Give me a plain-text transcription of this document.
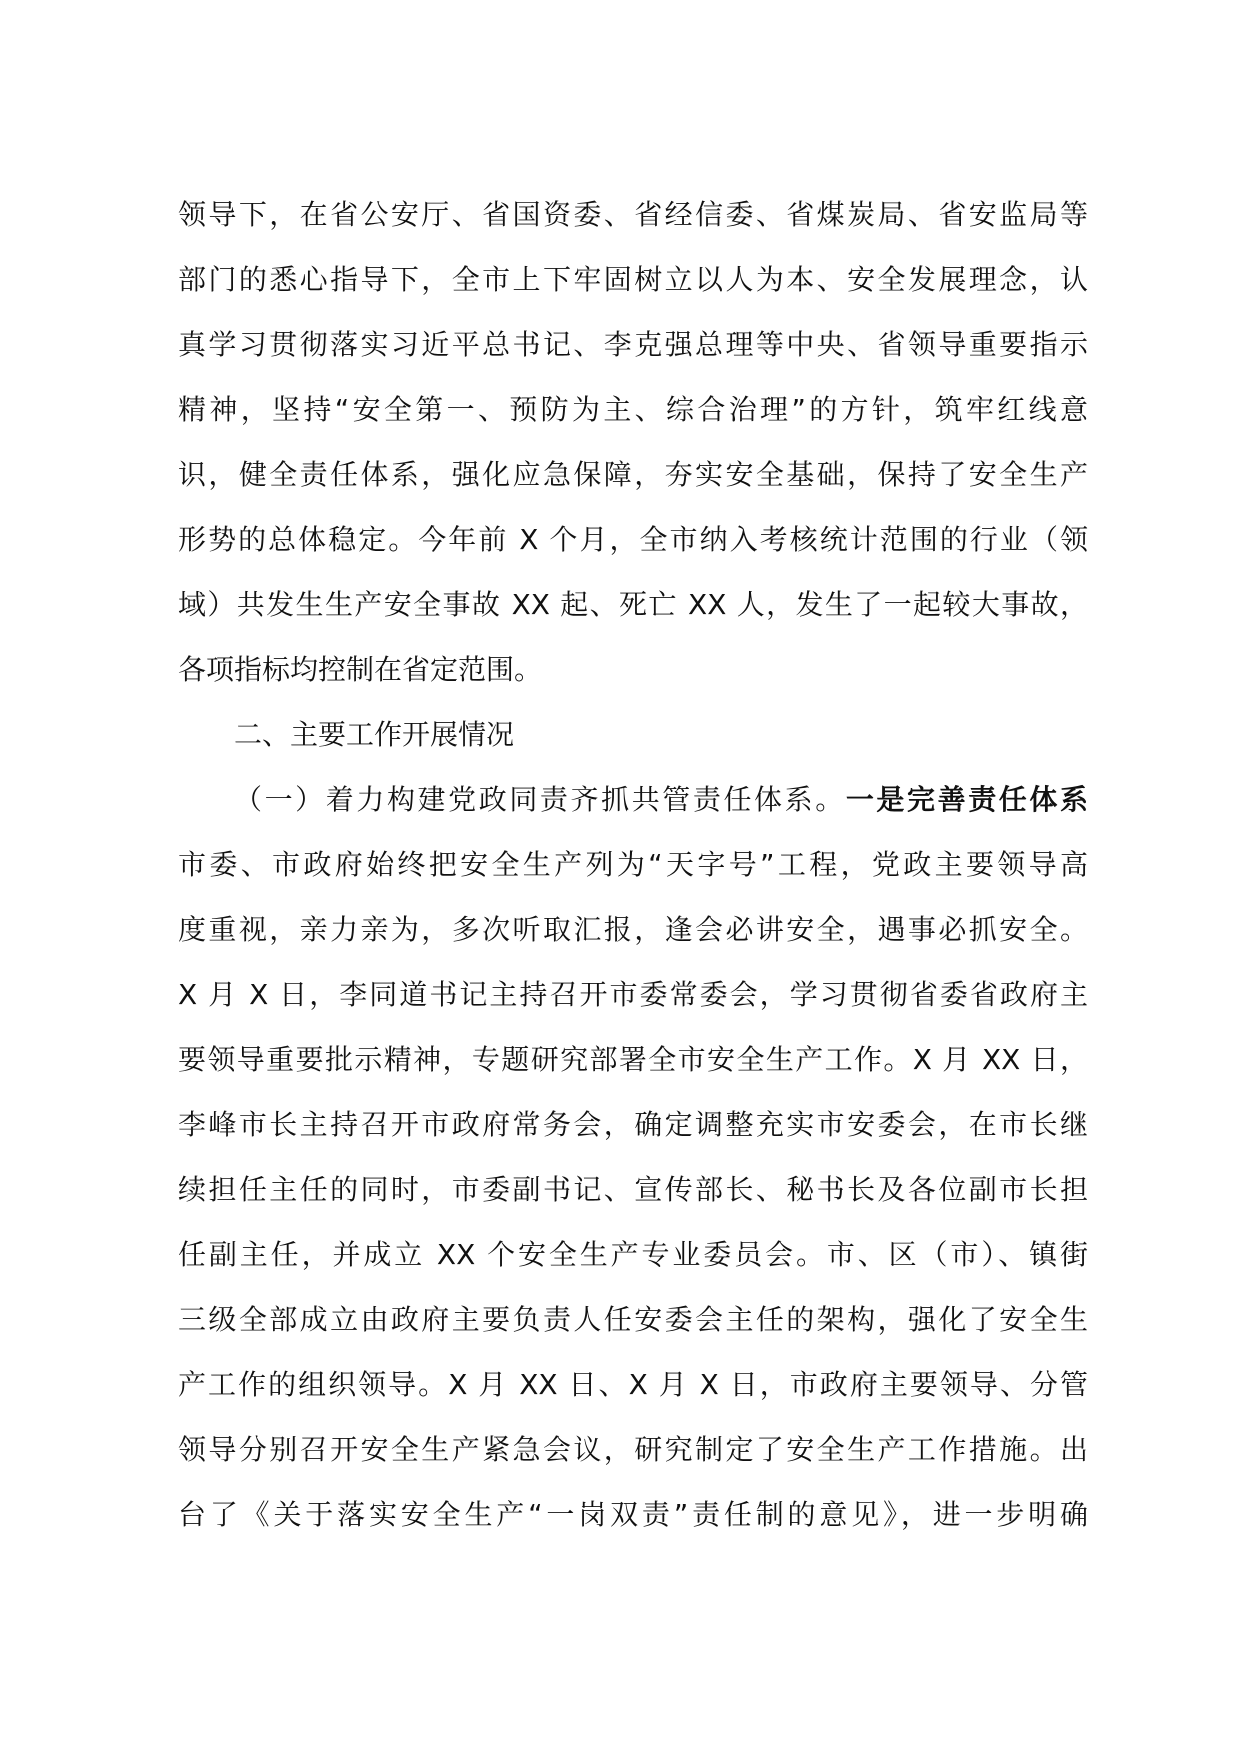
领导下，在省公安厅、省国资委、省经信委、省煤炭局、省安监局等
部门的悉心指导下，全市上下牢固树立以人为本、安全发展理念，认
真学习贯彻落实习近平总书记、李克强总理等中央、省领导重要指示
精神，坚持“安全第一、预防为主、综合治理”的方针，筑牢红线意
识，健全责任体系，强化应急保障，夯实安全基础，保持了安全生产
形势的总体稳定。今年前 X 个月，全市纳入考核统计范围的行业（领
域）共发生生产安全事故 XX 起、死亡 XX 人，发生了一起较大事故，
各项指标均控制在省定范围。
二、主要工作开展情况
（一）着力构建党政同责齐抓共管责任体系。一是完善责任体系
市委、市政府始终把安全生产列为“天字号”工程，党政主要领导高
度重视，亲力亲为，多次听取汇报，逢会必讲安全，遇事必抓安全。
X 月 X 日，李同道书记主持召开市委常委会，学习贯彻省委省政府主
要领导重要批示精神，专题研究部署全市安全生产工作。X 月 XX 日，
李峰市长主持召开市政府常务会，确定调整充实市安委会，在市长继
续担任主任的同时，市委副书记、宣传部长、秘书长及各位副市长担
任副主任，并成立 XX 个安全生产专业委员会。市、区（市）、镇街
三级全部成立由政府主要负责人任安委会主任的架构，强化了安全生
产工作的组织领导。X 月 XX 日、X 月 X 日，市政府主要领导、分管
领导分别召开安全生产紧急会议，研究制定了安全生产工作措施。出
台了《关于落实安全生产“一岗双责”责任制的意见》，进一步明确
